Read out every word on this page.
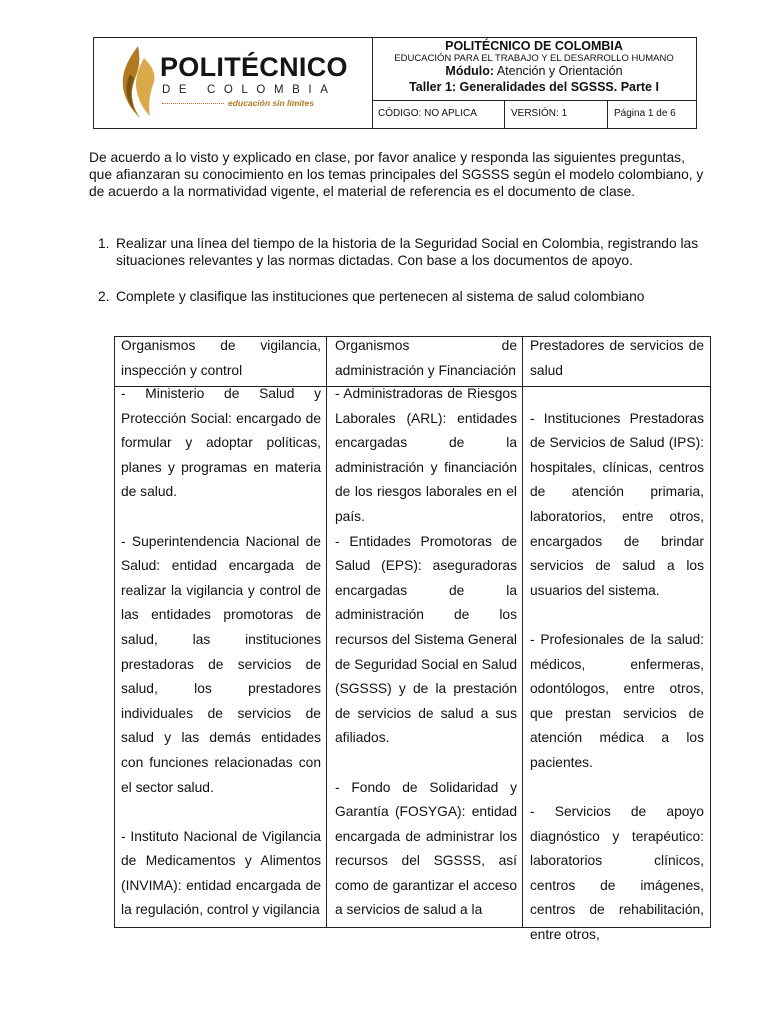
POLITÉCNICO
DE COLOMBIA
educación sin límites
POLITÉCNICO DE COLOMBIA
EDUCACIÓN PARA EL TRABAJO Y EL DESARROLLO HUMANO
Módulo: Atención y Orientación
Taller 1: Generalidades del SGSSS. Parte I
CÓDIGO: NO APLICA	VERSIÓN: 1	Página 1 de 6
De acuerdo a lo visto y explicado en clase, por favor analice y responda las siguientes preguntas, que afianzaran su conocimiento en los temas principales del SGSSS según el modelo colombiano, y de acuerdo a la normatividad vigente, el material de referencia es el documento de clase.
1. Realizar una línea del tiempo de la historia de la Seguridad Social en Colombia, registrando las situaciones relevantes y las normas dictadas. Con base a los documentos de apoyo.
2. Complete y clasifique las instituciones que pertenecen al sistema de salud colombiano
Organismos de vigilancia, inspección y control
Organismos de administración y Financiación
Prestadores de servicios de salud

- Ministerio de Salud y Protección Social: encargado de formular y adoptar políticas, planes y programas en materia de salud.

- Superintendencia Nacional de Salud: entidad encargada de realizar la vigilancia y control de las entidades promotoras de salud, las instituciones prestadoras de servicios de salud, los prestadores individuales de servicios de salud y las demás entidades con funciones relacionadas con el sector salud.

- Instituto Nacional de Vigilancia de Medicamentos y Alimentos (INVIMA): entidad encargada de la regulación, control y vigilancia

- Administradoras de Riesgos Laborales (ARL): entidades encargadas de la administración y financiación de los riesgos laborales en el país.

- Entidades Promotoras de Salud (EPS): aseguradoras encargadas de la administración de los recursos del Sistema General de Seguridad Social en Salud (SGSSS) y de la prestación de servicios de salud a sus afiliados.

- Fondo de Solidaridad y Garantía (FOSYGA): entidad encargada de administrar los recursos del SGSSS, así como de garantizar el acceso a servicios de salud a la

- Instituciones Prestadoras de Servicios de Salud (IPS): hospitales, clínicas, centros de atención primaria, laboratorios, entre otros, encargados de brindar servicios de salud a los usuarios del sistema.

- Profesionales de la salud: médicos, enfermeras, odontólogos, entre otros, que prestan servicios de atención médica a los pacientes.

- Servicios de apoyo diagnóstico y terapéutico: laboratorios clínicos, centros de imágenes, centros de rehabilitación, entre otros,
